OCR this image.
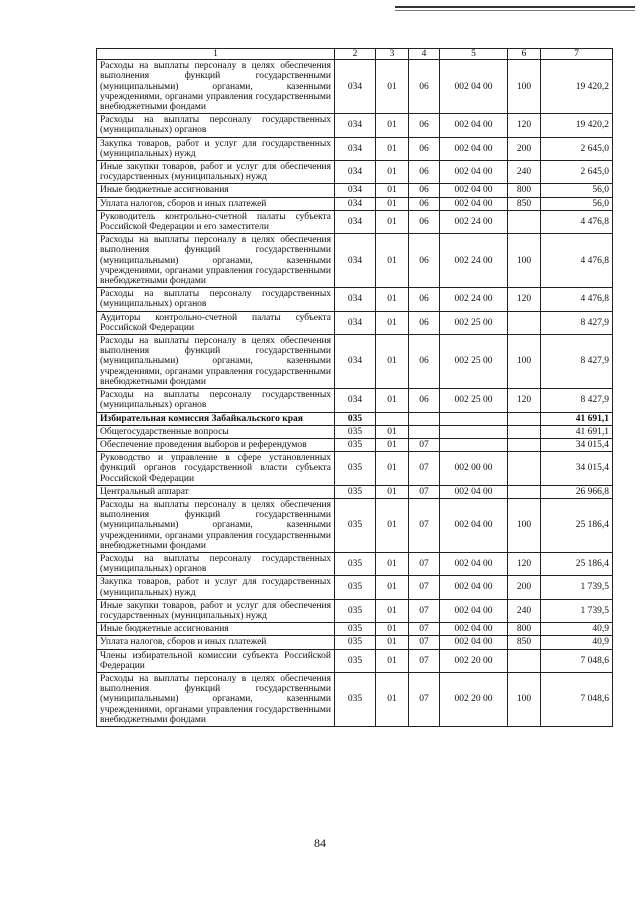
1	2	3	4	5	6	7
Расходы на выплаты персоналу в целях обеспечения выполнения функций государственными (муниципальными) органами, казенными учреждениями, органами управления государственными внебюджетными фондами	034	01	06	002 04 00	100	19 420,2
Расходы на выплаты персоналу государственных (муниципальных) органов	034	01	06	002 04 00	120	19 420,2
Закупка товаров, работ и услуг для государственных (муниципальных) нужд	034	01	06	002 04 00	200	2 645,0
Иные закупки товаров, работ и услуг для обеспечения государственных (муниципальных) нужд	034	01	06	002 04 00	240	2 645,0
Иные бюджетные ассигнования	034	01	06	002 04 00	800	56,0
Уплата налогов, сборов и иных платежей	034	01	06	002 04 00	850	56,0
Руководитель контрольно-счетной палаты субъекта Российской Федерации и его заместители	034	01	06	002 24 00		4 476,8
Расходы на выплаты персоналу в целях обеспечения выполнения функций государственными (муниципальными) органами, казенными учреждениями, органами управления государственными внебюджетными фондами	034	01	06	002 24 00	100	4 476,8
Расходы на выплаты персоналу государственных (муниципальных) органов	034	01	06	002 24 00	120	4 476,8
Аудиторы контрольно-счетной палаты субъекта Российской Федерации	034	01	06	002 25 00		8 427,9
Расходы на выплаты персоналу в целях обеспечения выполнения функций государственными (муниципальными) органами, казенными учреждениями, органами управления государственными внебюджетными фондами	034	01	06	002 25 00	100	8 427,9
Расходы на выплаты персоналу государственных (муниципальных) органов	034	01	06	002 25 00	120	8 427,9
Избирательная комиссия Забайкальского края	035					41 691,1
Общегосударственные вопросы	035	01				41 691,1
Обеспечение проведения выборов и референдумов	035	01	07			34 015,4
Руководство и управление в сфере установленных функций органов государственной власти субъекта Российской Федерации	035	01	07	002 00 00		34 015,4
Центральный аппарат	035	01	07	002 04 00		26 966,8
Расходы на выплаты персоналу в целях обеспечения выполнения функций государственными (муниципальными) органами, казенными учреждениями, органами управления государственными внебюджетными фондами	035	01	07	002 04 00	100	25 186,4
Расходы на выплаты персоналу государственных (муниципальных) органов	035	01	07	002 04 00	120	25 186,4
Закупка товаров, работ и услуг для государственных (муниципальных) нужд	035	01	07	002 04 00	200	1 739,5
Иные закупки товаров, работ и услуг для обеспечения государственных (муниципальных) нужд	035	01	07	002 04 00	240	1 739,5
Иные бюджетные ассигнования	035	01	07	002 04 00	800	40,9
Уплата налогов, сборов и иных платежей	035	01	07	002 04 00	850	40,9
Члены избирательной комиссии субъекта Российской Федерации	035	01	07	002 20 00		7 048,6
Расходы на выплаты персоналу в целях обеспечения выполнения функций государственными (муниципальными) органами, казенными учреждениями, органами управления государственными внебюджетными фондами	035	01	07	002 20 00	100	7 048,6
84
